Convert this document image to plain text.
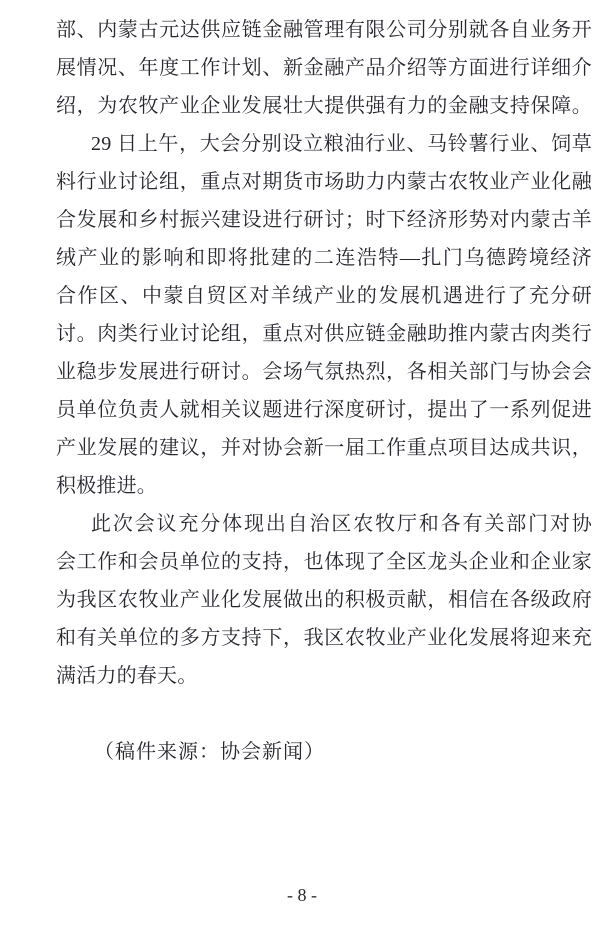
部、内蒙古元达供应链金融管理有限公司分别就各自业务开
展情况、年度工作计划、新金融产品介绍等方面进行详细介
绍，为农牧产业企业发展壮大提供强有力的金融支持保障。
29 日上午，大会分别设立粮油行业、马铃薯行业、饲草
料行业讨论组，重点对期货市场助力内蒙古农牧业产业化融
合发展和乡村振兴建设进行研讨；时下经济形势对内蒙古羊
绒产业的影响和即将批建的二连浩特—扎门乌德跨境经济
合作区、中蒙自贸区对羊绒产业的发展机遇进行了充分研
讨。肉类行业讨论组，重点对供应链金融助推内蒙古肉类行
业稳步发展进行研讨。会场气氛热烈，各相关部门与协会会
员单位负责人就相关议题进行深度研讨，提出了一系列促进
产业发展的建议，并对协会新一届工作重点项目达成共识，
积极推进。
此次会议充分体现出自治区农牧厅和各有关部门对协
会工作和会员单位的支持，也体现了全区龙头企业和企业家
为我区农牧业产业化发展做出的积极贡献，相信在各级政府
和有关单位的多方支持下，我区农牧业产业化发展将迎来充
满活力的春天。
（稿件来源：协会新闻）
- 8 -
